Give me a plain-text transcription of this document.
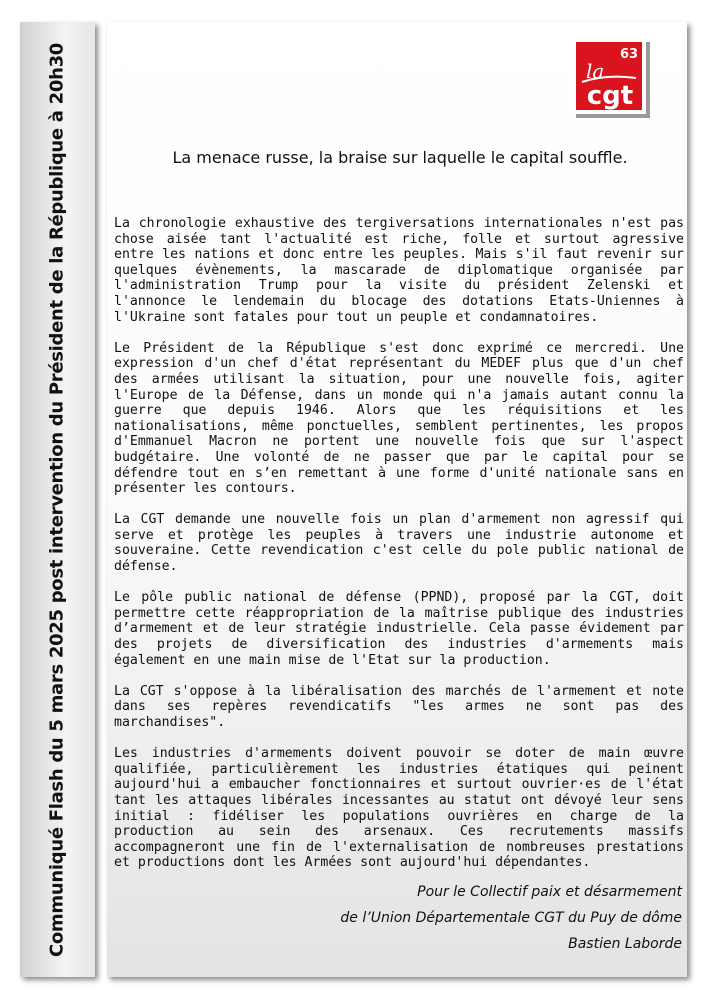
Communiqué Flash du 5 mars 2025 post intervention du Président de la République à 20h30	63
la
cgt
La menace russe, la braise sur laquelle le capital souffle.

La chronologie exhaustive des tergiversations internationales n'est pas chose aisée tant l'actualité est riche, folle et surtout agressive entre les nations et donc entre les peuples. Mais s'il faut revenir sur quelques évènements, la mascarade de diplomatique organisée par l'administration Trump pour la visite du président Zelenski et l'annonce le lendemain du blocage des dotations Etats-Uniennes à l'Ukraine sont fatales pour tout un peuple et condamnatoires.

Le Président de la République s'est donc exprimé ce mercredi. Une expression d'un chef d'état représentant du MEDEF plus que d'un chef des armées utilisant la situation, pour une nouvelle fois, agiter l'Europe de la Défense, dans un monde qui n'a jamais autant connu la guerre que depuis 1946. Alors que les réquisitions et les nationalisations, même ponctuelles, semblent pertinentes, les propos d'Emmanuel Macron ne portent une nouvelle fois que sur l'aspect budgétaire. Une volonté de ne passer que par le capital pour se défendre tout en s’en remettant à une forme d'unité nationale sans en présenter les contours.

La CGT demande une nouvelle fois un plan d'armement non agressif qui serve et protège les peuples à travers une industrie autonome et souveraine. Cette revendication c'est celle du pole public national de défense.

Le pôle public national de défense (PPND), proposé par la CGT, doit permettre cette réappropriation de la maîtrise publique des industries d’armement et de leur stratégie industrielle. Cela passe évidement par des projets de diversification des industries d'armements mais également en une main mise de l'Etat sur la production.

La CGT s'oppose à la libéralisation des marchés de l'armement et note dans ses repères revendicatifs "les armes ne sont pas des marchandises".

Les industries d'armements doivent pouvoir se doter de main œuvre qualifiée, particulièrement les industries étatiques qui peinent aujourd'hui a embaucher fonctionnaires et surtout ouvrier·es de l'état tant les attaques libérales incessantes au statut ont dévoyé leur sens initial : fidéliser les populations ouvrières en charge de la production au sein des arsenaux. Ces recrutements massifs accompagneront une fin de l'externalisation de nombreuses prestations et productions dont les Armées sont aujourd'hui dépendantes.

Pour le Collectif paix et désarmement
de l’Union Départementale CGT du Puy de dôme
Bastien Laborde
